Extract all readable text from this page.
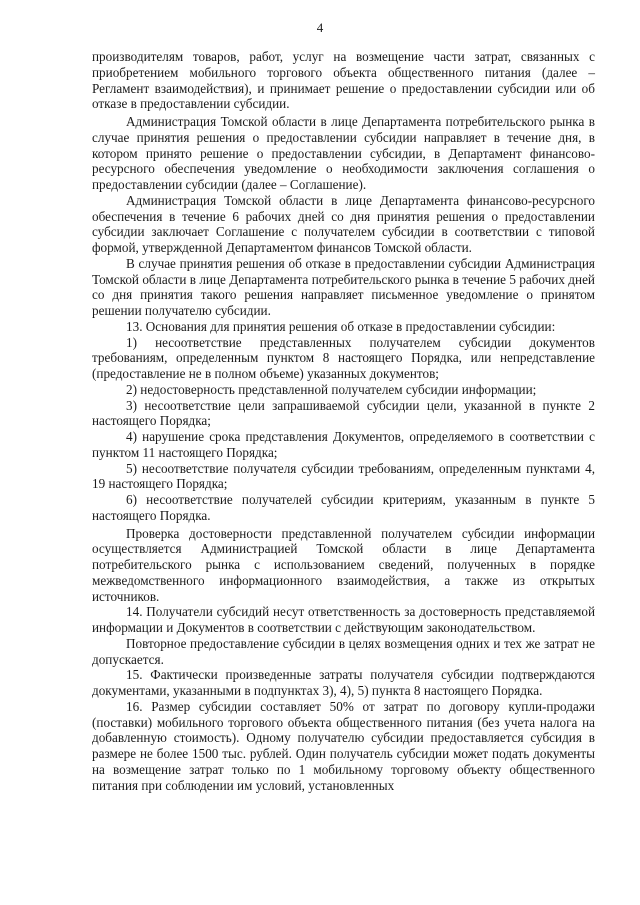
4

производителям товаров, работ, услуг на возмещение части затрат, связанных с приобретением мобильного торгового объекта общественного питания (далее – Регламент взаимодействия), и принимает решение о предоставлении субсидии или об отказе в предоставлении субсидии.

Администрация Томской области в лице Департамента потребительского рынка в случае принятия решения о предоставлении субсидии направляет в течение дня, в котором принято решение о предоставлении субсидии, в Департамент финансово-ресурсного обеспечения уведомление о необходимости заключения соглашения о предоставлении субсидии (далее – Соглашение).

Администрация Томской области в лице Департамента финансово-ресурсного обеспечения в течение 6 рабочих дней со дня принятия решения о предоставлении субсидии заключает Соглашение с получателем субсидии в соответствии с типовой формой, утвержденной Департаментом финансов Томской области.

В случае принятия решения об отказе в предоставлении субсидии Администрация Томской области в лице Департамента потребительского рынка в течение 5 рабочих дней со дня принятия такого решения направляет письменное уведомление о принятом решении получателю субсидии.

13. Основания для принятия решения об отказе в предоставлении субсидии:

1) несоответствие представленных получателем субсидии документов требованиям, определенным пунктом 8 настоящего Порядка, или непредставление (предоставление не в полном объеме) указанных документов;

2) недостоверность представленной получателем субсидии информации;

3) несоответствие цели запрашиваемой субсидии цели, указанной в пункте 2 настоящего Порядка;

4) нарушение срока представления Документов, определяемого в соответствии с пунктом 11 настоящего Порядка;

5) несоответствие получателя субсидии требованиям, определенным пунктами 4, 19 настоящего Порядка;

6) несоответствие получателей субсидии критериям, указанным в пункте 5 настоящего Порядка.

Проверка достоверности представленной получателем субсидии информации осуществляется Администрацией Томской области в лице Департамента потребительского рынка с использованием сведений, полученных в порядке межведомственного информационного взаимодействия, а также из открытых источников.

14. Получатели субсидий несут ответственность за достоверность представляемой информации и Документов в соответствии с действующим законодательством.

Повторное предоставление субсидии в целях возмещения одних и тех же затрат не допускается.

15. Фактически произведенные затраты получателя субсидии подтверждаются документами, указанными в подпунктах 3), 4), 5) пункта 8 настоящего Порядка.

16. Размер субсидии составляет 50% от затрат по договору купли-продажи (поставки) мобильного торгового объекта общественного питания (без учета налога на добавленную стоимость). Одному получателю субсидии предоставляется субсидия в размере не более 1500 тыс. рублей. Один получатель субсидии может подать документы на возмещение затрат только по 1 мобильному торговому объекту общественного питания при соблюдении им условий, установленных
